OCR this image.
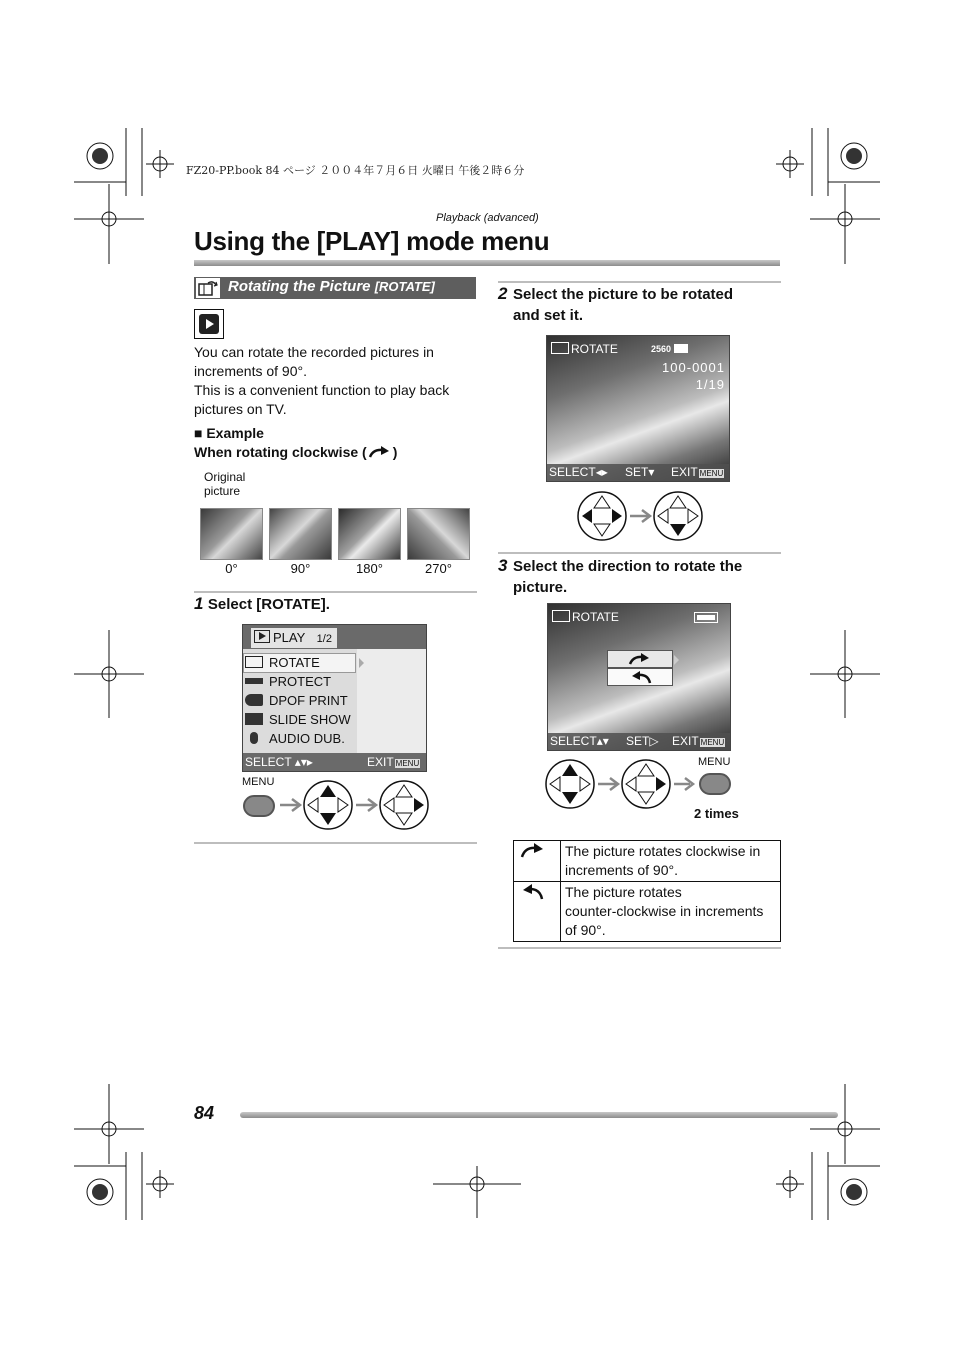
FZ20-PP.book 84 ページ ２００４年７月６日 火曜日 午後２時６分
Playback (advanced)
Using the [PLAY] mode menu
Rotating the Picture [ROTATE]
You can rotate the recorded pictures in
increments of 90°.
This is a convenient function to play back
pictures on TV.
■ Example
When rotating clockwise ( )
Original
picture
0°	90°	180°	270°
1 Select [ROTATE].
PLAY 1/2
ROTATE
PROTECT
DPOF PRINT
SLIDE SHOW
AUDIO DUB.
SELECT ▴▾▸	EXIT MENU
MENU
2 Select the picture to be rotated
and set it.
ROTATE	2560
100-0001
1/19
SELECT◂▸ SET▾ EXIT MENU
3 Select the direction to rotate the
picture.
ROTATE
SELECT▴▾ SET▷ EXIT MENU
MENU
2 times

The picture rotates clockwise in
increments of 90°.

The picture rotates
counter-clockwise in increments
of 90°.
84
